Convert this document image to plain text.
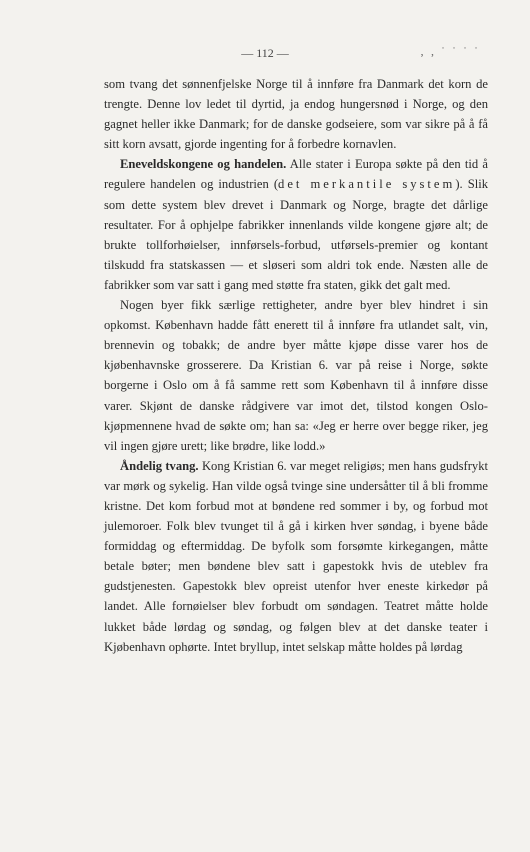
— 112 —	‚ , ˙ ˙ ˙ ˙

som tvang det sønnenfjelske Norge til å innføre fra Danmark det korn de trengte. Denne lov ledet til dyrtid, ja endog hungersnød i Norge, og den gagnet heller ikke Danmark; for de danske godseiere, som var sikre på å få sitt korn avsatt, gjorde ingenting for å forbedre kornavlen.

Eneveldskongene og handelen. Alle stater i Europa søkte på den tid å regulere handelen og industrien (det merkantile system). Slik som dette system blev drevet i Danmark og Norge, bragte det dårlige resultater. For å ophjelpe fabrikker innenlands vilde kongene gjøre alt; de brukte tollforhøielser, innførsels-forbud, utførsels-premier og kontant tilskudd fra statskassen — et sløseri som aldri tok ende. Næsten alle de fabrikker som var satt i gang med støtte fra staten, gikk det galt med.

Nogen byer fikk særlige rettigheter, andre byer blev hindret i sin opkomst. København hadde fått enerett til å innføre fra utlandet salt, vin, brennevin og tobakk; de andre byer måtte kjøpe disse varer hos de kjøbenhavnske grosserere. Da Kristian 6. var på reise i Norge, søkte borgerne i Oslo om å få samme rett som København til å innføre disse varer. Skjønt de danske rådgivere var imot det, tilstod kongen Oslo-kjøpmennene hvad de søkte om; han sa: «Jeg er herre over begge riker, jeg vil ingen gjøre urett; like brødre, like lodd.»

Åndelig tvang. Kong Kristian 6. var meget religiøs; men hans gudsfrykt var mørk og sykelig. Han vilde også tvinge sine undersåtter til å bli fromme kristne. Det kom forbud mot at bøndene red sommer i by, og forbud mot julemoroer. Folk blev tvunget til å gå i kirken hver søndag, i byene både formiddag og eftermiddag. De byfolk som forsømte kirkegangen, måtte betale bøter; men bøndene blev satt i gapestokk hvis de uteblev fra gudstjenesten. Gapestokk blev opreist utenfor hver eneste kirkedør på landet. Alle fornøielser blev forbudt om søndagen. Teatret måtte holde lukket både lørdag og søndag, og følgen blev at det danske teater i Kjøbenhavn ophørte. Intet bryllup, intet selskap måtte holdes på lørdag
